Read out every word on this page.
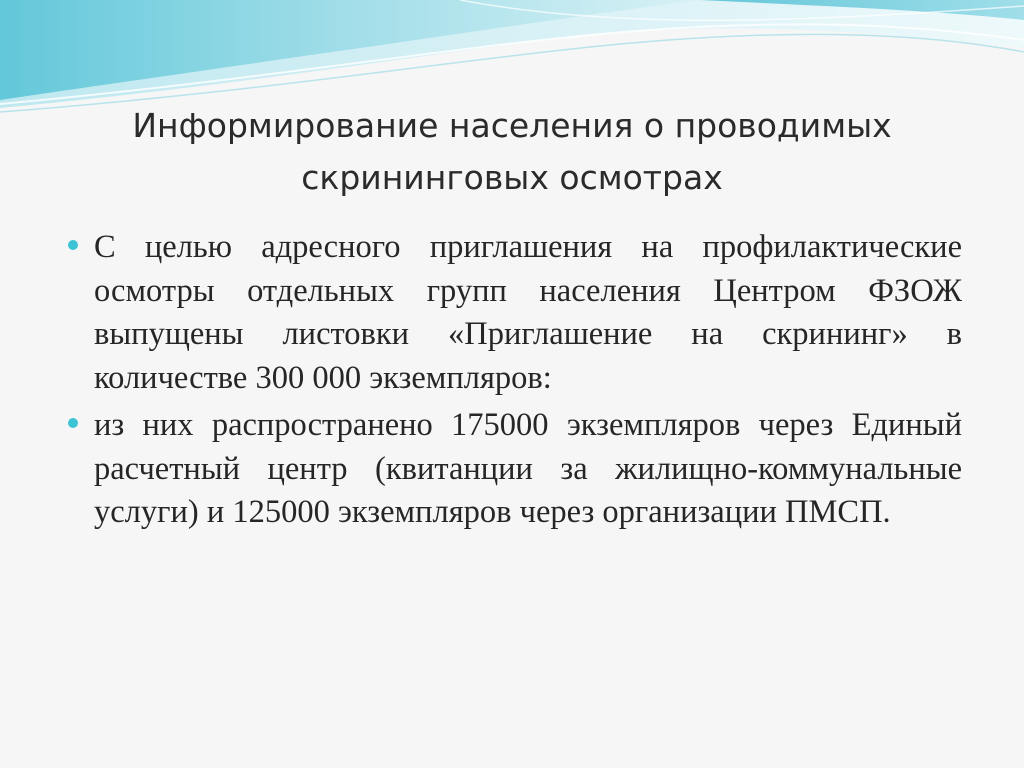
Информирование населения о проводимых
скрининговых осмотрах
С целью адресного приглашения на профилактические осмотры отдельных групп населения Центром ФЗОЖ выпущены листовки «Приглашение на скрининг» в количестве 300 000 экземпляров:
из них распространено 175000 экземпляров через Единый расчетный центр (квитанции за жилищно-коммунальные услуги) и 125000 экземпляров через организации ПМСП.
